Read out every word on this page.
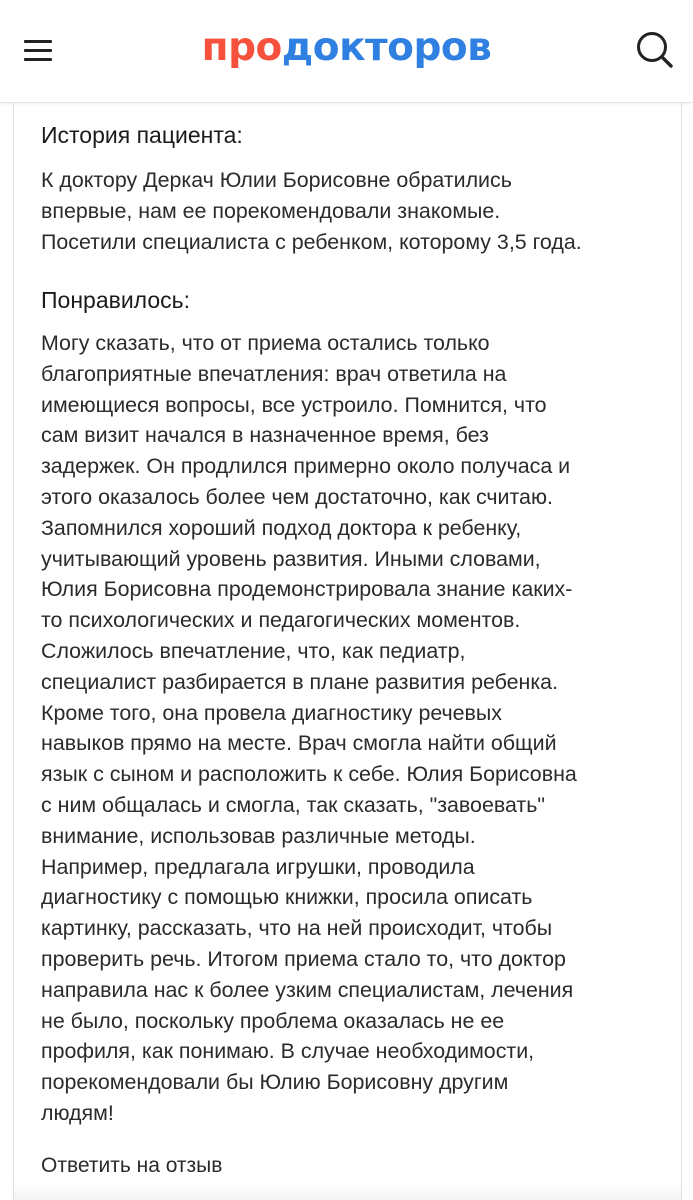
продокторов
История пациента:

К доктору Деркач Юлии Борисовне обратились
впервые, нам ее порекомендовали знакомые.
Посетили специалиста с ребенком, которому 3,5 года.

Понравилось:

Могу сказать, что от приема остались только
благоприятные впечатления: врач ответила на
имеющиеся вопросы, все устроило. Помнится, что
сам визит начался в назначенное время, без
задержек. Он продлился примерно около получаса и
этого оказалось более чем достаточно, как считаю.
Запомнился хороший подход доктора к ребенку,
учитывающий уровень развития. Иными словами,
Юлия Борисовна продемонстрировала знание каких-
то психологических и педагогических моментов.
Сложилось впечатление, что, как педиатр,
специалист разбирается в плане развития ребенка.
Кроме того, она провела диагностику речевых
навыков прямо на месте. Врач смогла найти общий
язык с сыном и расположить к себе. Юлия Борисовна
с ним общалась и смогла, так сказать, "завоевать"
внимание, использовав различные методы.
Например, предлагала игрушки, проводила
диагностику с помощью книжки, просила описать
картинку, рассказать, что на ней происходит, чтобы
проверить речь. Итогом приема стало то, что доктор
направила нас к более узким специалистам, лечения
не было, поскольку проблема оказалась не ее
профиля, как понимаю. В случае необходимости,
порекомендовали бы Юлию Борисовну другим
людям!

Ответить на отзыв
